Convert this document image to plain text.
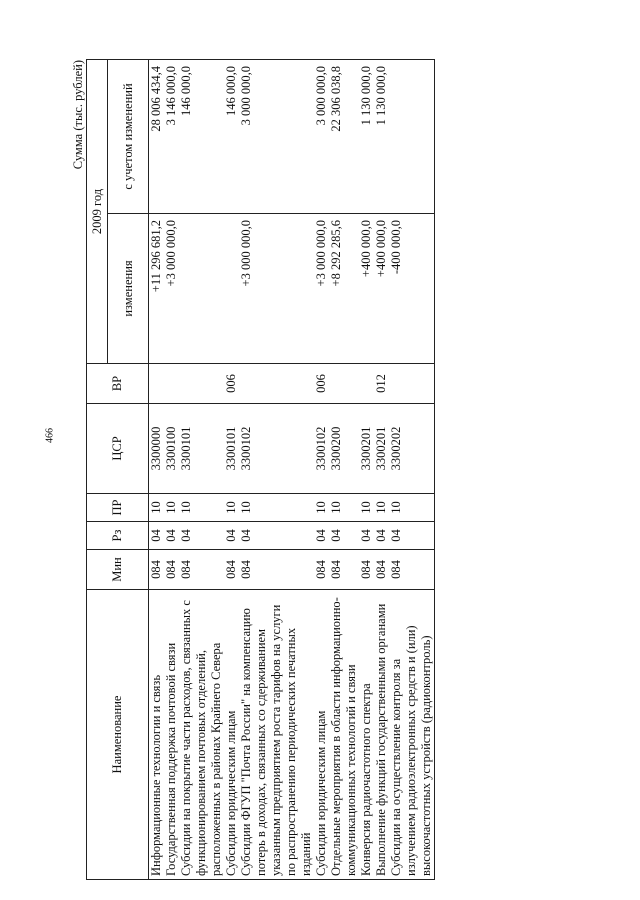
466
Сумма (тыс. рублей)
Наименование	Мин	Рз	ПР	ЦСР	ВР	2009 год	
						изменения	с учетом изменений
Информационные технологии и связь	084	04	10	3300000		+11 296 681,2	28 006 434,4
Государственная поддержка почтовой связи	084	04	10	3300100		+3 000 000,0	3 146 000,0
Субсидии на покрытие части расходов, связанных с функционированием почтовых отделений, расположенных в районах Крайнего Севера	084	04	10	3300101			146 000,0
Субсидии юридическим лицам	084	04	10	3300101	006		146 000,0
Субсидии ФГУП "Почта России" на компенсацию потерь в доходах, связанных со сдерживанием указанным предприятием роста тарифов на услуги по распространению периодических печатных изданий	084	04	10	3300102		+3 000 000,0	3 000 000,0
Субсидии юридическим лицам	084	04	10	3300102	006	+3 000 000,0	3 000 000,0
Отдельные мероприятия в области информационно-коммуникационных технологий и связи	084	04	10	3300200		+8 292 285,6	22 306 038,8
Конверсия радиочастотного спектра	084	04	10	3300201		+400 000,0	1 130 000,0
Выполнение функций государственными органами	084	04	10	3300201	012	+400 000,0	1 130 000,0
Субсидии на осуществление контроля за излучением радиоэлектронных средств и (или) высокочастотных устройств (радиоконтроль)	084	04	10	3300202		-400 000,0	
